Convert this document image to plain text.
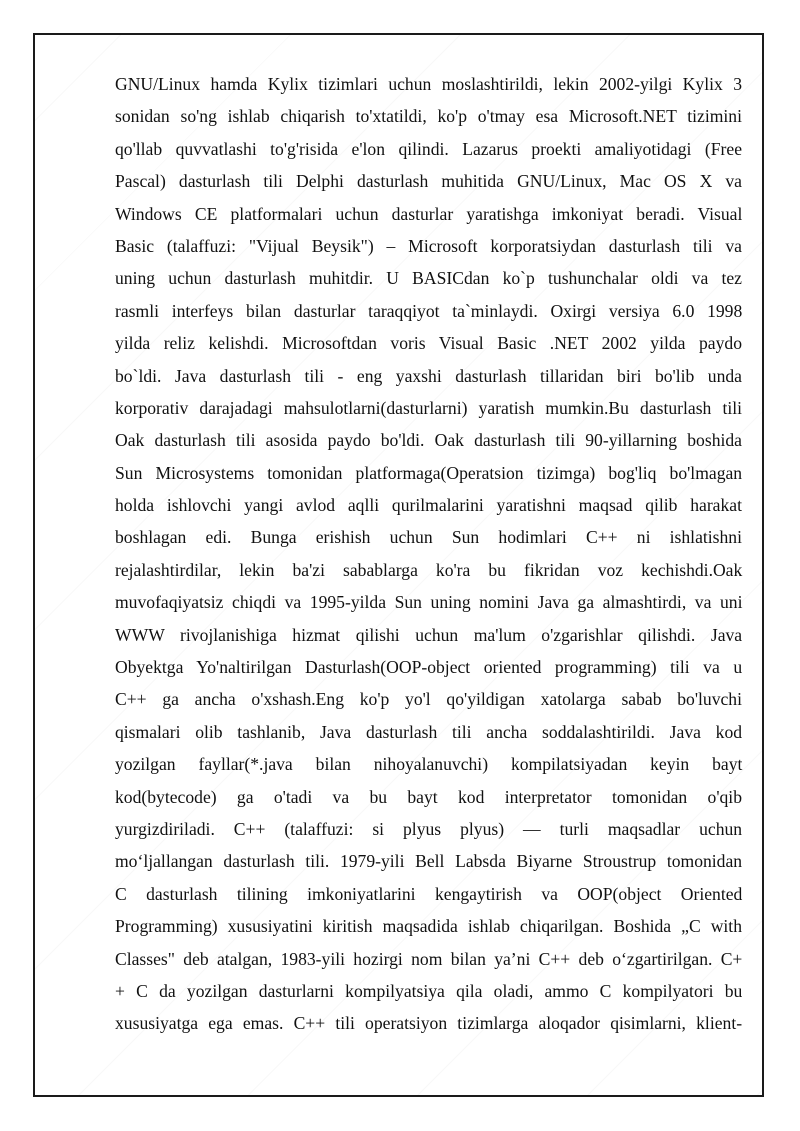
GNU/Linux hamda Kylix tizimlari uchun moslashtirildi, lekin 2002-yilgi Kylix 3
sonidan so'ng ishlab chiqarish to'xtatildi, ko'p o'tmay esa Microsoft.NET tizimini
qo'llab quvvatlashi to'g'risida e'lon qilindi. Lazarus proekti amaliyotidagi (Free
Pascal) dasturlash tili Delphi dasturlash muhitida GNU/Linux, Mac OS X va
Windows CE platformalari uchun dasturlar yaratishga imkoniyat beradi. Visual
Basic (talaffuzi: "Vijual Beysik") – Microsoft korporatsiydan dasturlash tili va
uning uchun dasturlash muhitdir. U BASICdan ko`p tushunchalar oldi va tez
rasmli interfeys bilan dasturlar taraqqiyot ta`minlaydi. Oxirgi versiya 6.0 1998
yilda reliz kelishdi. Microsoftdan voris Visual Basic .NET 2002 yilda paydo
bo`ldi. Java dasturlash tili - eng yaxshi dasturlash tillaridan biri bo'lib unda
korporativ darajadagi mahsulotlarni(dasturlarni) yaratish mumkin.Bu dasturlash tili
Oak dasturlash tili asosida paydo bo'ldi. Oak dasturlash tili 90-yillarning boshida
Sun Microsystems tomonidan platformaga(Operatsion tizimga) bog'liq bo'lmagan
holda ishlovchi yangi avlod aqlli qurilmalarini yaratishni maqsad qilib harakat
boshlagan edi. Bunga erishish uchun Sun hodimlari C++ ni ishlatishni
rejalashtirdilar, lekin ba'zi sabablarga ko'ra bu fikridan voz kechishdi.Oak
muvofaqiyatsiz chiqdi va 1995-yilda Sun uning nomini Java ga almashtirdi, va uni
WWW rivojlanishiga hizmat qilishi uchun ma'lum o'zgarishlar qilishdi. Java
Obyektga Yo'naltirilgan Dasturlash(OOP-object oriented programming) tili va u
C++ ga ancha o'xshash.Eng ko'p yo'l qo'yildigan xatolarga sabab bo'luvchi
qismalari olib tashlanib, Java dasturlash tili ancha soddalashtirildi. Java kod
yozilgan fayllar(*.java bilan nihoyalanuvchi) kompilatsiyadan keyin bayt
kod(bytecode) ga o'tadi va bu bayt kod interpretator tomonidan o'qib
yurgizdiriladi. C++ (talaffuzi: si plyus plyus) — turli maqsadlar uchun
mo‘ljallangan dasturlash tili. 1979-yili Bell Labsda Biyarne Stroustrup tomonidan
C dasturlash tilining imkoniyatlarini kengaytirish va OOP(object Oriented
Programming) xususiyatini kiritish maqsadida ishlab chiqarilgan. Boshida „C with
Classes" deb atalgan, 1983-yili hozirgi nom bilan ya’ni C++ deb o‘zgartirilgan. C+
+ C da yozilgan dasturlarni kompilyatsiya qila oladi, ammo C kompilyatori bu
xususiyatga ega emas. C++ tili operatsiyon tizimlarga aloqador qisimlarni, klient-
